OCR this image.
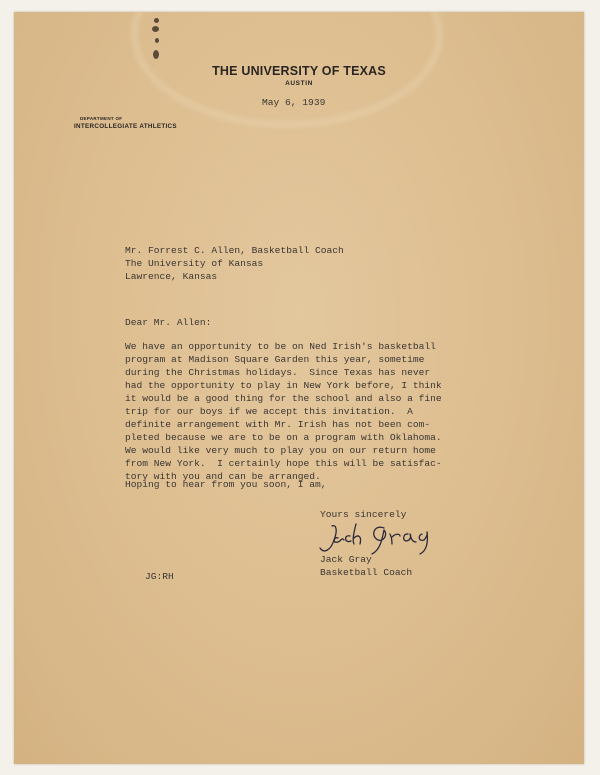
THE UNIVERSITY OF TEXAS
AUSTIN
DEPARTMENT OF
INTERCOLLEGIATE ATHLETICS
May 6, 1939
Mr. Forrest C. Allen, Basketball Coach
The University of Kansas
Lawrence, Kansas
Dear Mr. Allen:
We have an opportunity to be on Ned Irish's basketball
program at Madison Square Garden this year, sometime
during the Christmas holidays.  Since Texas has never
had the opportunity to play in New York before, I think
it would be a good thing for the school and also a fine
trip for our boys if we accept this invitation.  A
definite arrangement with Mr. Irish has not been com-
pleted because we are to be on a program with Oklahoma.
We would like very much to play you on our return home
from New York.  I certainly hope this will be satisfac-
tory with you and can be arranged.
Hoping to hear from you soon, I am,
Yours sincerely
Jack Gray
Basketball Coach
JG:RH
